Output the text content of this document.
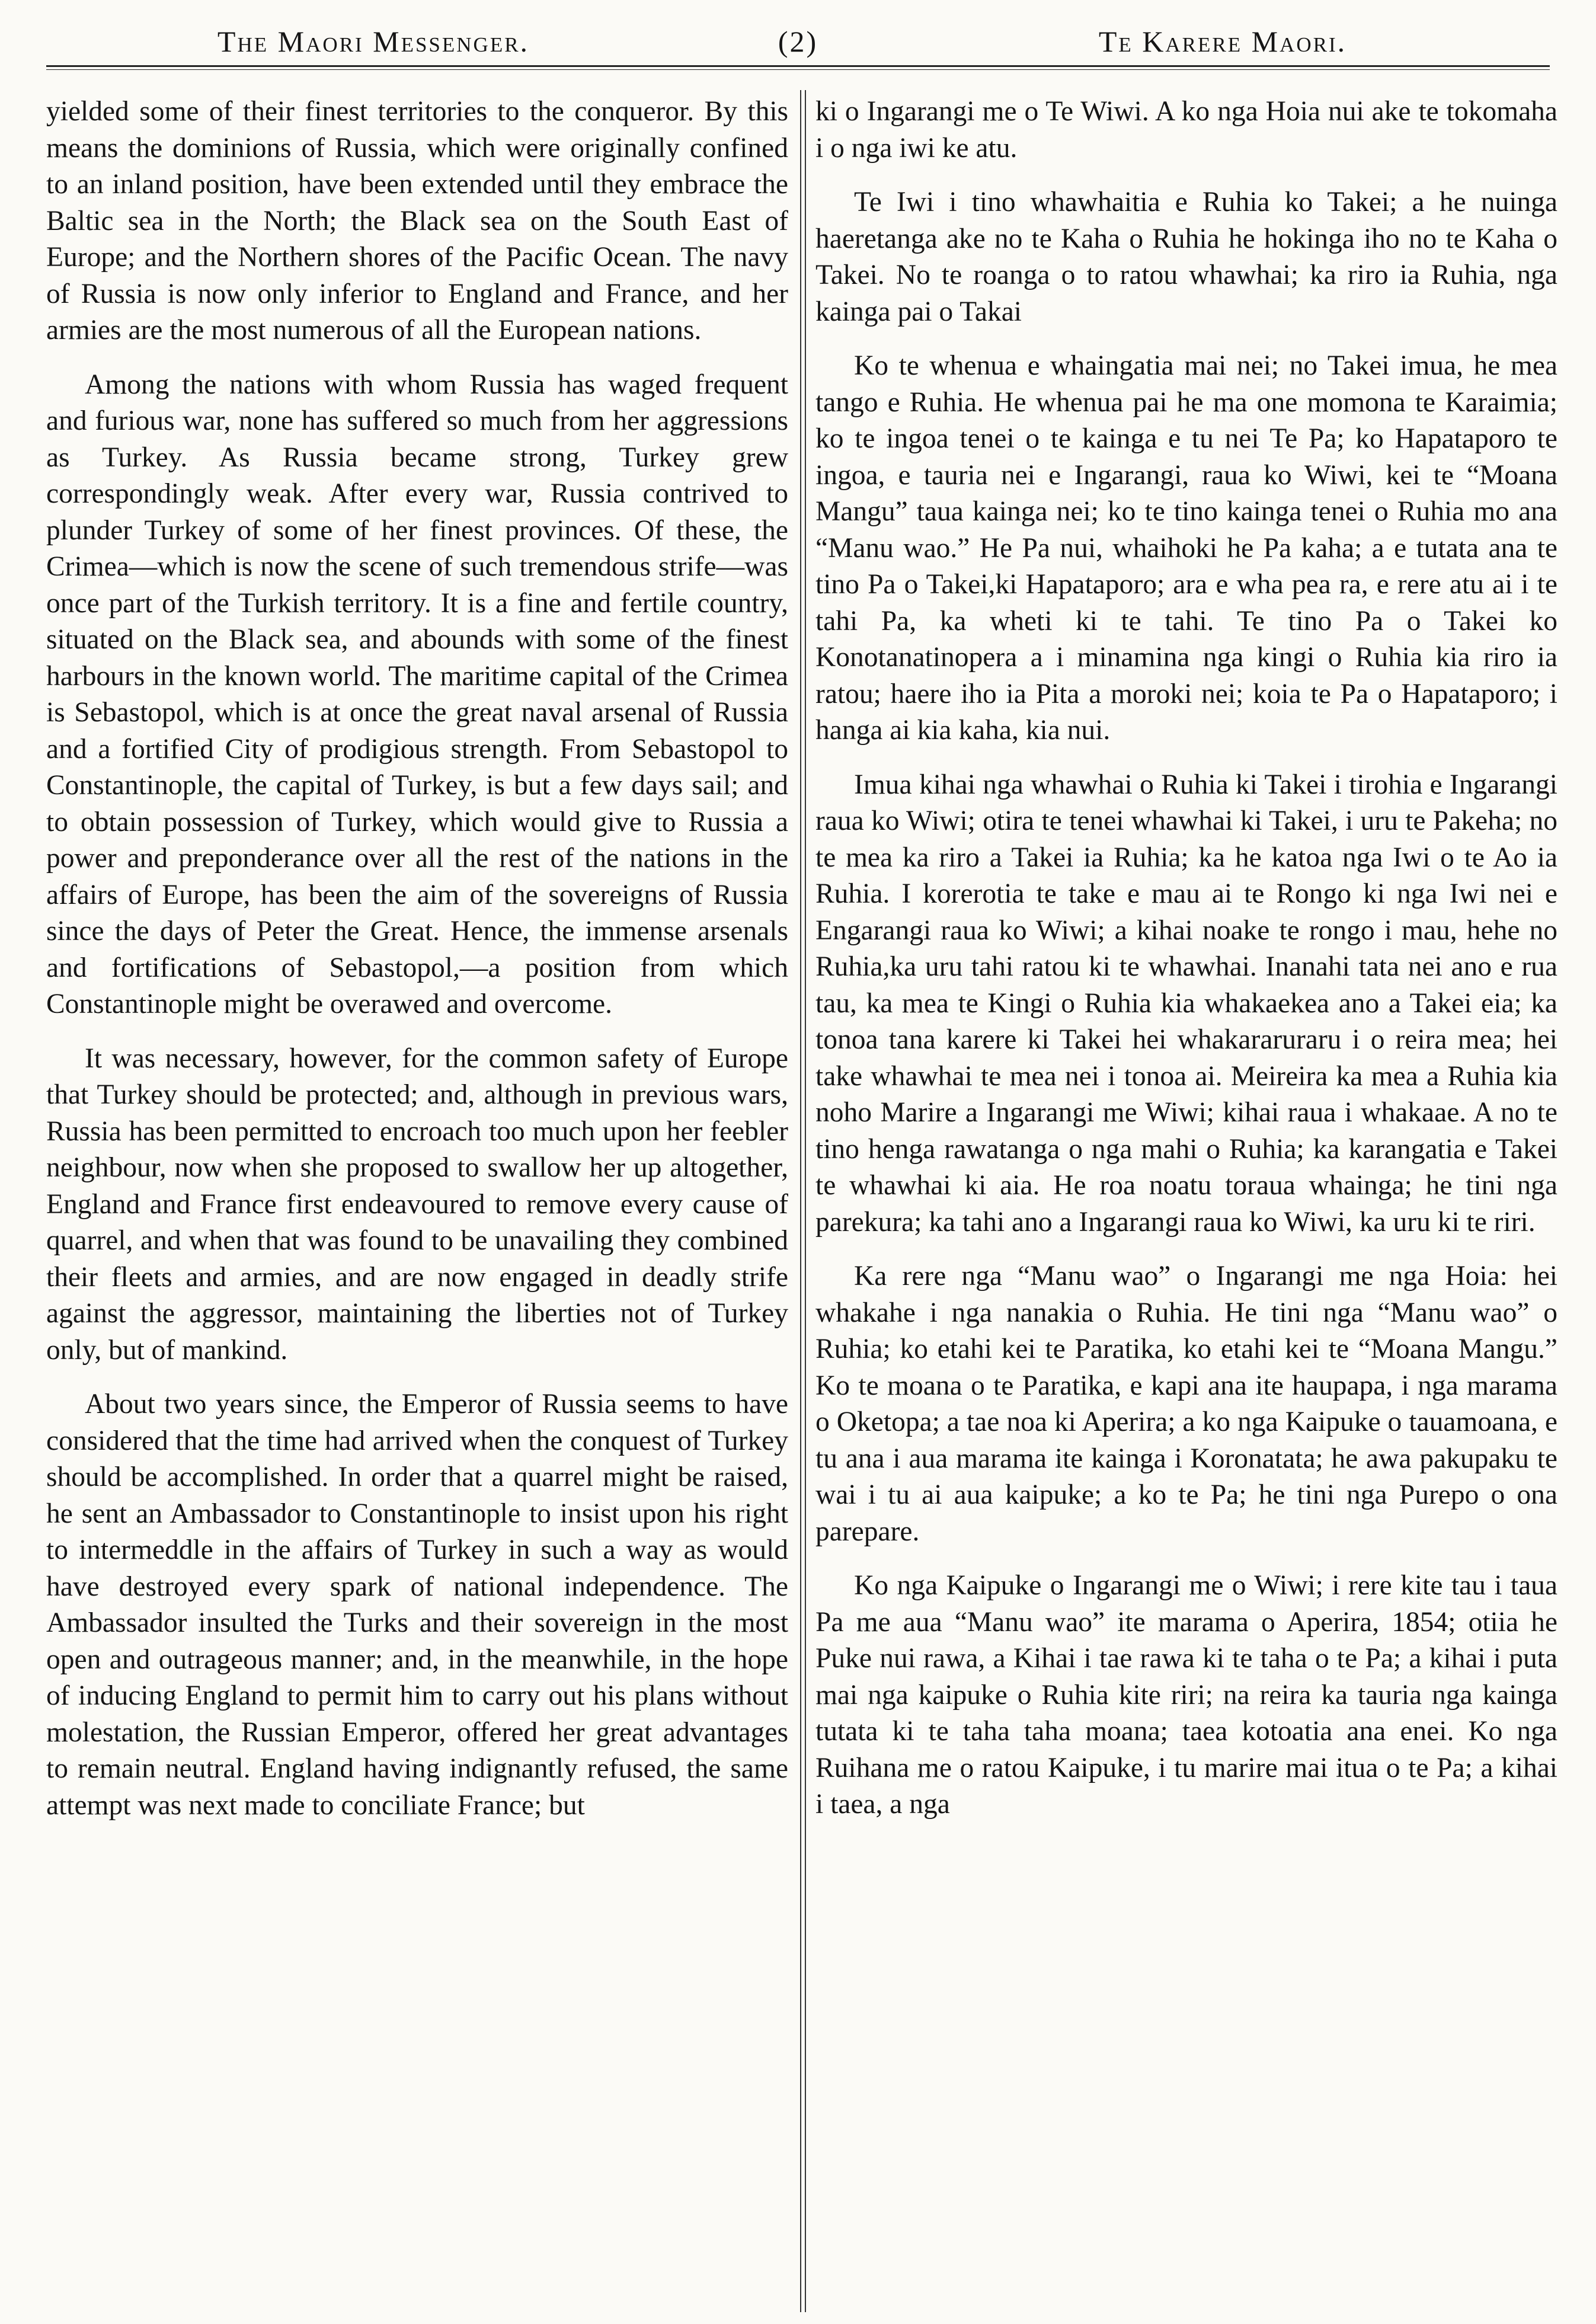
The Maori Messenger.	(2)	Te Karere Maori.

yielded some of their finest territories to the conqueror. By this means the dominions of Russia, which were originally confined to an inland position, have been extended until they embrace the Baltic sea in the North; the Black sea on the South East of Europe; and the Northern shores of the Pacific Ocean. The navy of Russia is now only inferior to England and France, and her armies are the most numerous of all the European nations.

Among the nations with whom Russia has waged frequent and furious war, none has suffered so much from her aggressions as Turkey. As Russia became strong, Turkey grew correspondingly weak. After every war, Russia contrived to plunder Turkey of some of her finest provinces. Of these, the Crimea—which is now the scene of such tremendous strife—was once part of the Turkish territory. It is a fine and fertile country, situated on the Black sea, and abounds with some of the finest harbours in the known world. The maritime capital of the Crimea is Sebastopol, which is at once the great naval arsenal of Russia and a fortified City of prodigious strength. From Sebastopol to Constantinople, the capital of Turkey, is but a few days sail; and to obtain possession of Turkey, which would give to Russia a power and preponderance over all the rest of the nations in the affairs of Europe, has been the aim of the sovereigns of Russia since the days of Peter the Great. Hence, the immense arsenals and fortifications of Sebastopol,—a position from which Constantinople might be overawed and overcome.

It was necessary, however, for the common safety of Europe that Turkey should be protected; and, although in previous wars, Russia has been permitted to encroach too much upon her feebler neighbour, now when she proposed to swallow her up altogether, England and France first endeavoured to remove every cause of quarrel, and when that was found to be unavailing they combined their fleets and armies, and are now engaged in deadly strife against the aggressor, maintaining the liberties not of Turkey only, but of mankind.

About two years since, the Emperor of Russia seems to have considered that the time had arrived when the conquest of Turkey should be accomplished. In order that a quarrel might be raised, he sent an Ambassador to Constantinople to insist upon his right to intermeddle in the affairs of Turkey in such a way as would have destroyed every spark of national independence. The Ambassador insulted the Turks and their sovereign in the most open and outrageous manner; and, in the meanwhile, in the hope of inducing England to permit him to carry out his plans without molestation, the Russian Emperor, offered her great advantages to remain neutral. England having indignantly refused, the same attempt was next made to conciliate France; but

ki o Ingarangi me o Te Wiwi. A ko nga Hoia nui ake te tokomaha i o nga iwi ke atu.

Te Iwi i tino whawhaitia e Ruhia ko Takei; a he nuinga haeretanga ake no te Kaha o Ruhia he hokinga iho no te Kaha o Takei. No te roanga o to ratou whawhai; ka riro ia Ruhia, nga kainga pai o Takai

Ko te whenua e whaingatia mai nei; no Takei imua, he mea tango e Ruhia. He whenua pai he ma one momona te Karaimia; ko te ingoa tenei o te kainga e tu nei Te Pa; ko Hapataporo te ingoa, e tauria nei e Ingarangi, raua ko Wiwi, kei te “Moana Mangu” taua kainga nei; ko te tino kainga tenei o Ruhia mo ana “Manu wao.” He Pa nui, whaihoki he Pa kaha; a e tutata ana te tino Pa o Takei,ki Hapataporo; ara e wha pea ra, e rere atu ai i te tahi Pa, ka wheti ki te tahi. Te tino Pa o Takei ko Konotanatinopera a i minamina nga kingi o Ruhia kia riro ia ratou; haere iho ia Pita a moroki nei; koia te Pa o Hapataporo; i hanga ai kia kaha, kia nui.

Imua kihai nga whawhai o Ruhia ki Takei i tirohia e Ingarangi raua ko Wiwi; otira te tenei whawhai ki Takei, i uru te Pakeha; no te mea ka riro a Takei ia Ruhia; ka he katoa nga Iwi o te Ao ia Ruhia. I korerotia te take e mau ai te Rongo ki nga Iwi nei e Engarangi raua ko Wiwi; a kihai noake te rongo i mau, hehe no Ruhia,ka uru tahi ratou ki te whawhai. Inanahi tata nei ano e rua tau, ka mea te Kingi o Ruhia kia whakaekea ano a Takei eia; ka tonoa tana karere ki Takei hei whakararuraru i o reira mea; hei take whawhai te mea nei i tonoa ai. Meireira ka mea a Ruhia kia noho Marire a Ingarangi me Wiwi; kihai raua i whakaae. A no te tino henga rawatanga o nga mahi o Ruhia; ka karangatia e Takei te whawhai ki aia. He roa noatu toraua whainga; he tini nga parekura; ka tahi ano a Ingarangi raua ko Wiwi, ka uru ki te riri.

Ka rere nga “Manu wao” o Ingarangi me nga Hoia: hei whakahe i nga nanakia o Ruhia. He tini nga “Manu wao” o Ruhia; ko etahi kei te Paratika, ko etahi kei te “Moana Mangu.” Ko te moana o te Paratika, e kapi ana ite haupapa, i nga marama o Oketopa; a tae noa ki Aperira; a ko nga Kaipuke o tauamoana, e tu ana i aua marama ite kainga i Koronatata; he awa pakupaku te wai i tu ai aua kaipuke; a ko te Pa; he tini nga Purepo o ona parepare.

Ko nga Kaipuke o Ingarangi me o Wiwi; i rere kite tau i taua Pa me aua “Manu wao” ite marama o Aperira, 1854; otiia he Puke nui rawa, a Kihai i tae rawa ki te taha o te Pa; a kihai i puta mai nga kaipuke o Ruhia kite riri; na reira ka tauria nga kainga tutata ki te taha taha moana; taea kotoatia ana enei. Ko nga Ruihana me o ratou Kaipuke, i tu marire mai itua o te Pa; a kihai i taea, a nga
